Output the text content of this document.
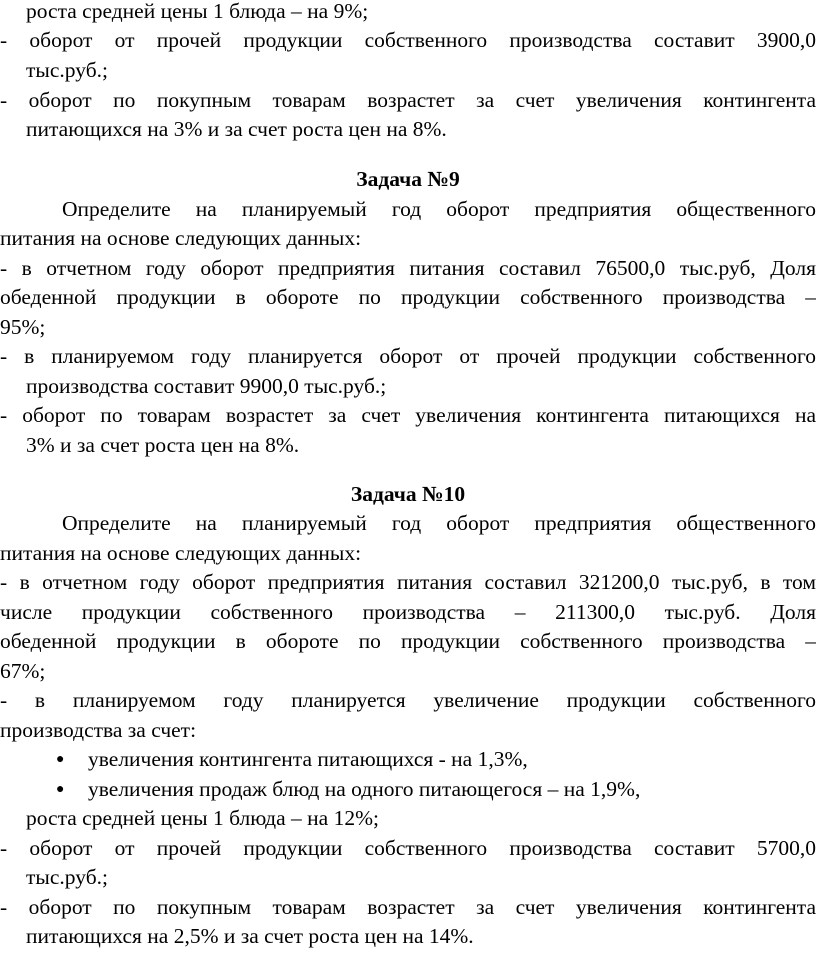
роста средней цены 1 блюда – на 9%;
- оборот от прочей продукции собственного производства составит 3900,0
тыс.руб.;
- оборот по покупным товарам возрастет за счет увеличения контингента
питающихся на 3% и за счет роста цен на 8%.
Задача №9
Определите на планируемый год оборот предприятия общественного
питания на основе следующих данных:
- в отчетном году оборот предприятия питания составил 76500,0 тыс.руб, Доля
обеденной продукции в обороте по продукции собственного производства –
95%;
- в планируемом году планируется оборот от прочей продукции собственного
производства составит 9900,0 тыс.руб.;
- оборот по товарам возрастет за счет увеличения контингента питающихся на
3% и за счет роста цен на 8%.
Задача №10
Определите на планируемый год оборот предприятия общественного
питания на основе следующих данных:
- в отчетном году оборот предприятия питания составил 321200,0 тыс.руб, в том
числе продукции собственного производства – 211300,0 тыс.руб. Доля
обеденной продукции в обороте по продукции собственного производства –
67%;
- в планируемом году планируется увеличение продукции собственного
производства за счет:
● увеличения контингента питающихся - на 1,3%,
● увеличения продаж блюд на одного питающегося – на 1,9%,
роста средней цены 1 блюда – на 12%;
- оборот от прочей продукции собственного производства составит 5700,0
тыс.руб.;
- оборот по покупным товарам возрастет за счет увеличения контингента
питающихся на 2,5% и за счет роста цен на 14%.
